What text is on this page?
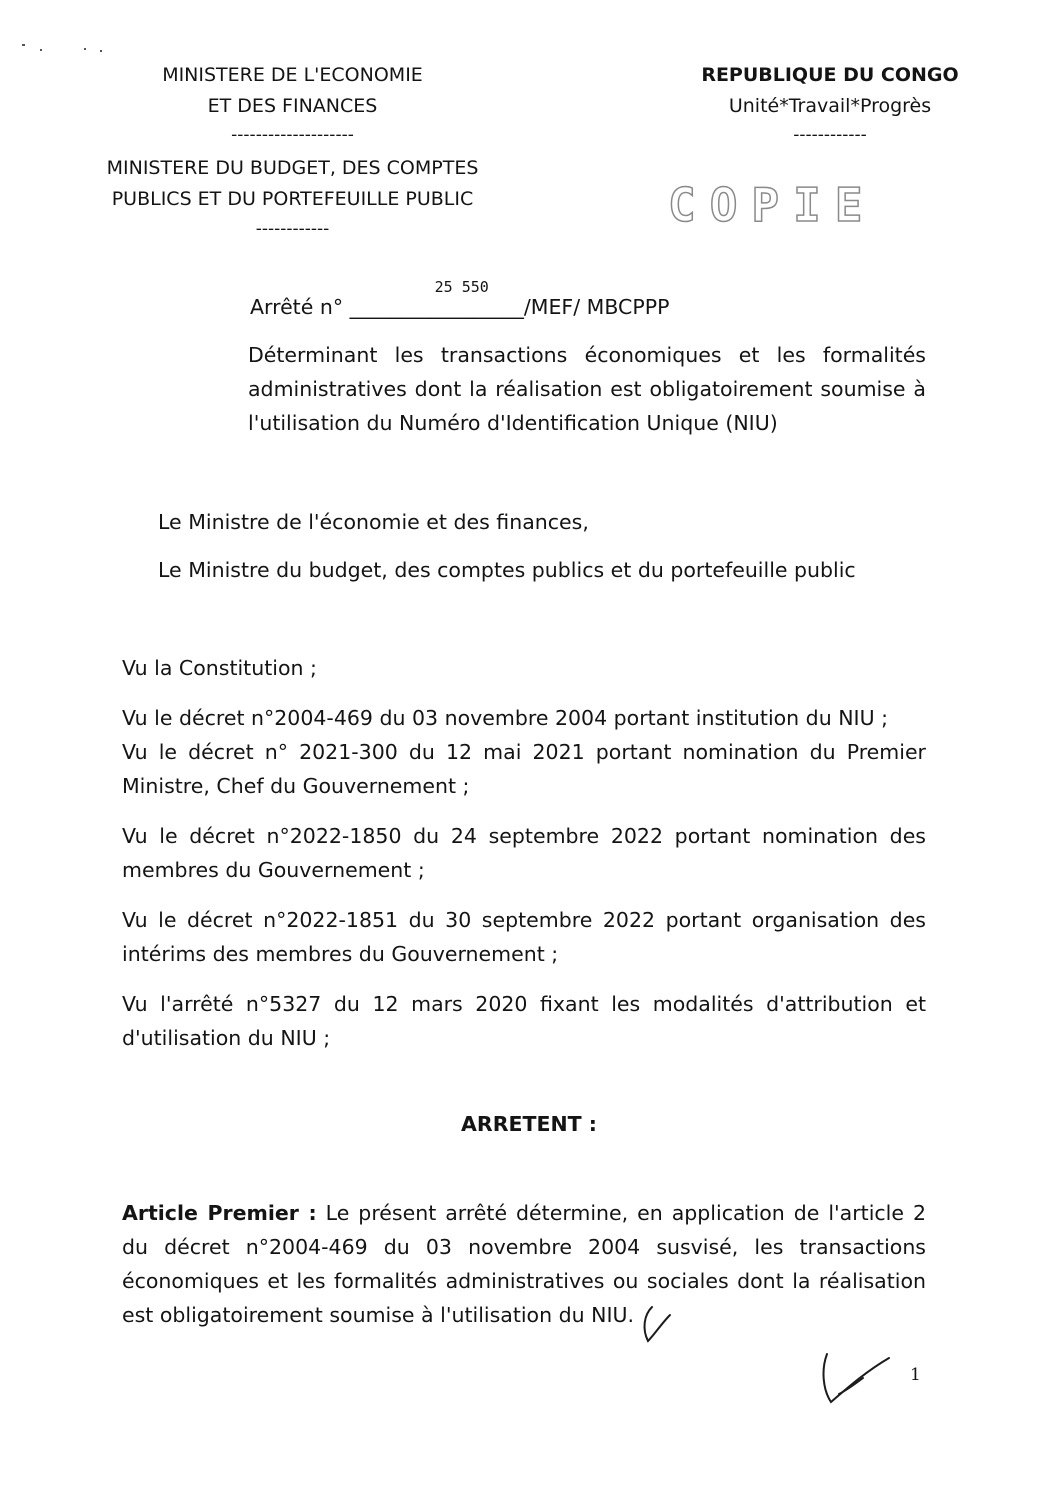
MINISTERE DE L'ECONOMIE
ET DES FINANCES
--------------------
MINISTERE DU BUDGET, DES COMPTES
PUBLICS ET DU PORTEFEUILLE PUBLIC
------------
REPUBLIQUE DU CONGO
Unité*Travail*Progrès
------------
COPIE
Arrêté n° _________________
25 550
/MEF/ MBCPPP
Déterminant les transactions économiques et les formalités administratives dont la réalisation est obligatoirement soumise à l'utilisation du Numéro d'Identification Unique (NIU)
Le Ministre de l'économie et des finances,
Le Ministre du budget, des comptes publics et du portefeuille public
Vu la Constitution ;
Vu le décret n°2004-469 du 03 novembre 2004 portant institution du NIU ;
Vu le décret n° 2021-300 du 12 mai 2021 portant nomination du Premier Ministre, Chef du Gouvernement ;
Vu le décret n°2022-1850 du 24 septembre 2022 portant nomination des membres du Gouvernement ;
Vu le décret n°2022-1851 du 30 septembre 2022 portant organisation des intérims des membres du Gouvernement ;
Vu l'arrêté n°5327 du 12 mars 2020 fixant les modalités d'attribution et d'utilisation du NIU ;
ARRETENT :
Article Premier : Le présent arrêté détermine, en application de l'article 2 du décret n°2004-469 du 03 novembre 2004 susvisé, les transactions économiques et les formalités administratives ou sociales dont la réalisation est obligatoirement soumise à l'utilisation du NIU.
1
